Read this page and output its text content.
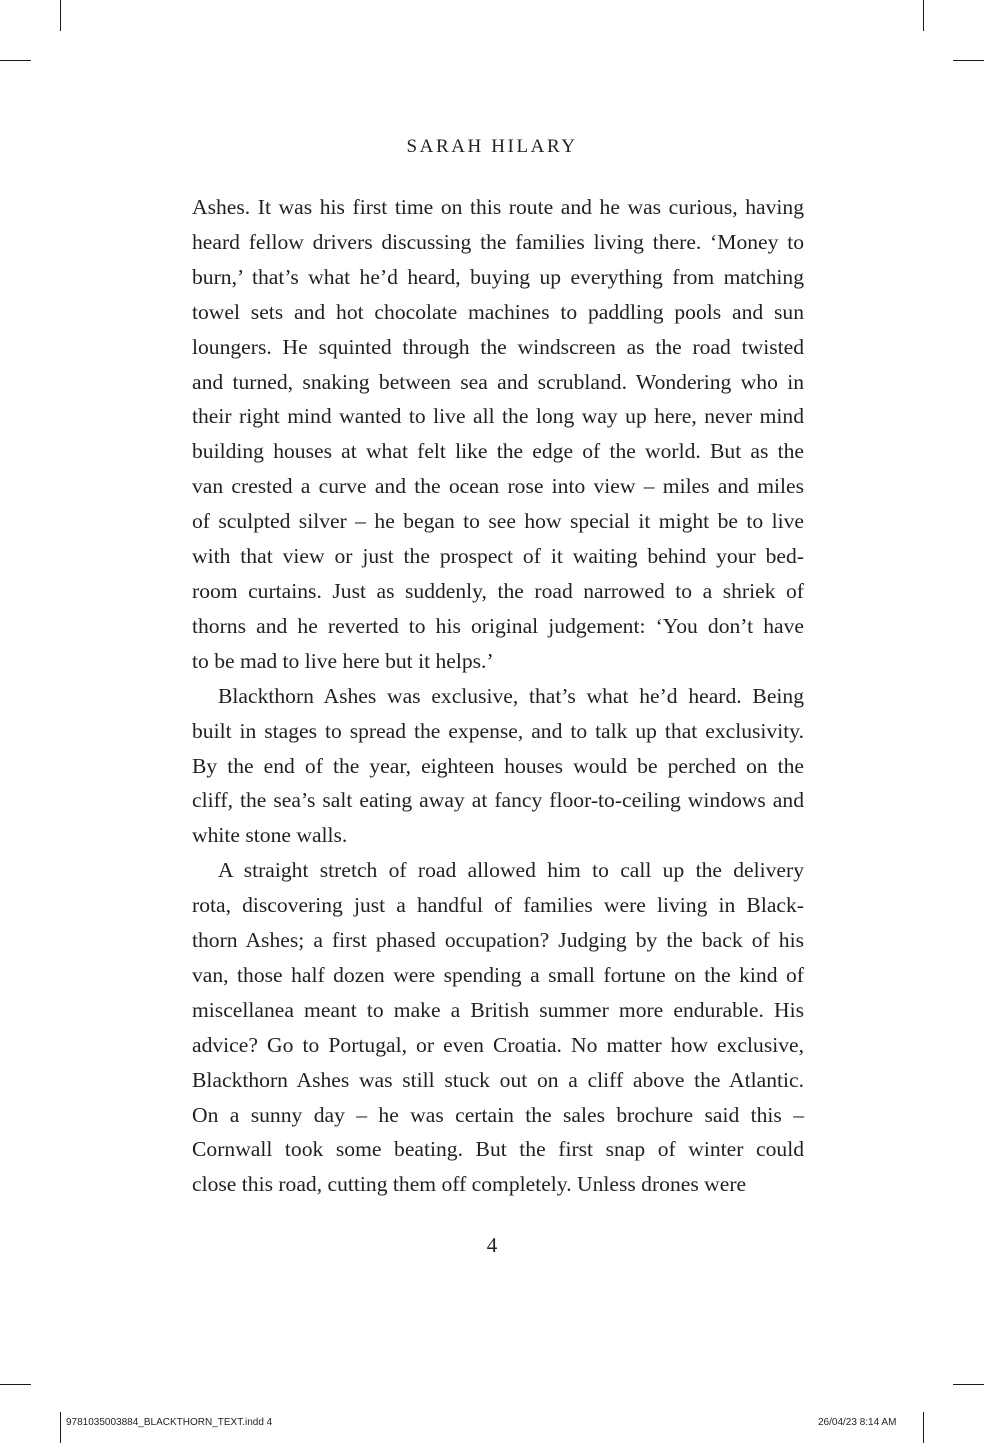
SARAH HILARY
Ashes. It was his first time on this route and he was curious, having
heard fellow drivers discussing the families living there. ‘Money to
burn,’ that’s what he’d heard, buying up everything from matching
towel sets and hot chocolate machines to paddling pools and sun
loungers. He squinted through the windscreen as the road twisted
and turned, snaking between sea and scrubland. Wondering who in
their right mind wanted to live all the long way up here, never mind
building houses at what felt like the edge of the world. But as the
van crested a curve and the ocean rose into view – miles and miles
of sculpted silver – he began to see how special it might be to live
with that view or just the prospect of it waiting behind your bed-
room curtains. Just as suddenly, the road narrowed to a shriek of
thorns and he reverted to his original judgement: ‘You don’t have
to be mad to live here but it helps.’
Blackthorn Ashes was exclusive, that’s what he’d heard. Being
built in stages to spread the expense, and to talk up that exclusivity.
By the end of the year, eighteen houses would be perched on the
cliff, the sea’s salt eating away at fancy floor-to-ceiling windows and
white stone walls.
A straight stretch of road allowed him to call up the delivery
rota, discovering just a handful of families were living in Black-
thorn Ashes; a first phased occupation? Judging by the back of his
van, those half dozen were spending a small fortune on the kind of
miscellanea meant to make a British summer more endurable. His
advice? Go to Portugal, or even Croatia. No matter how exclusive,
Blackthorn Ashes was still stuck out on a cliff above the Atlantic.
On a sunny day – he was certain the sales brochure said this –
Cornwall took some beating. But the first snap of winter could
close this road, cutting them off completely. Unless drones were
4
9781035003884_BLACKTHORN_TEXT.indd 4	26/04/23 8:14 AM
